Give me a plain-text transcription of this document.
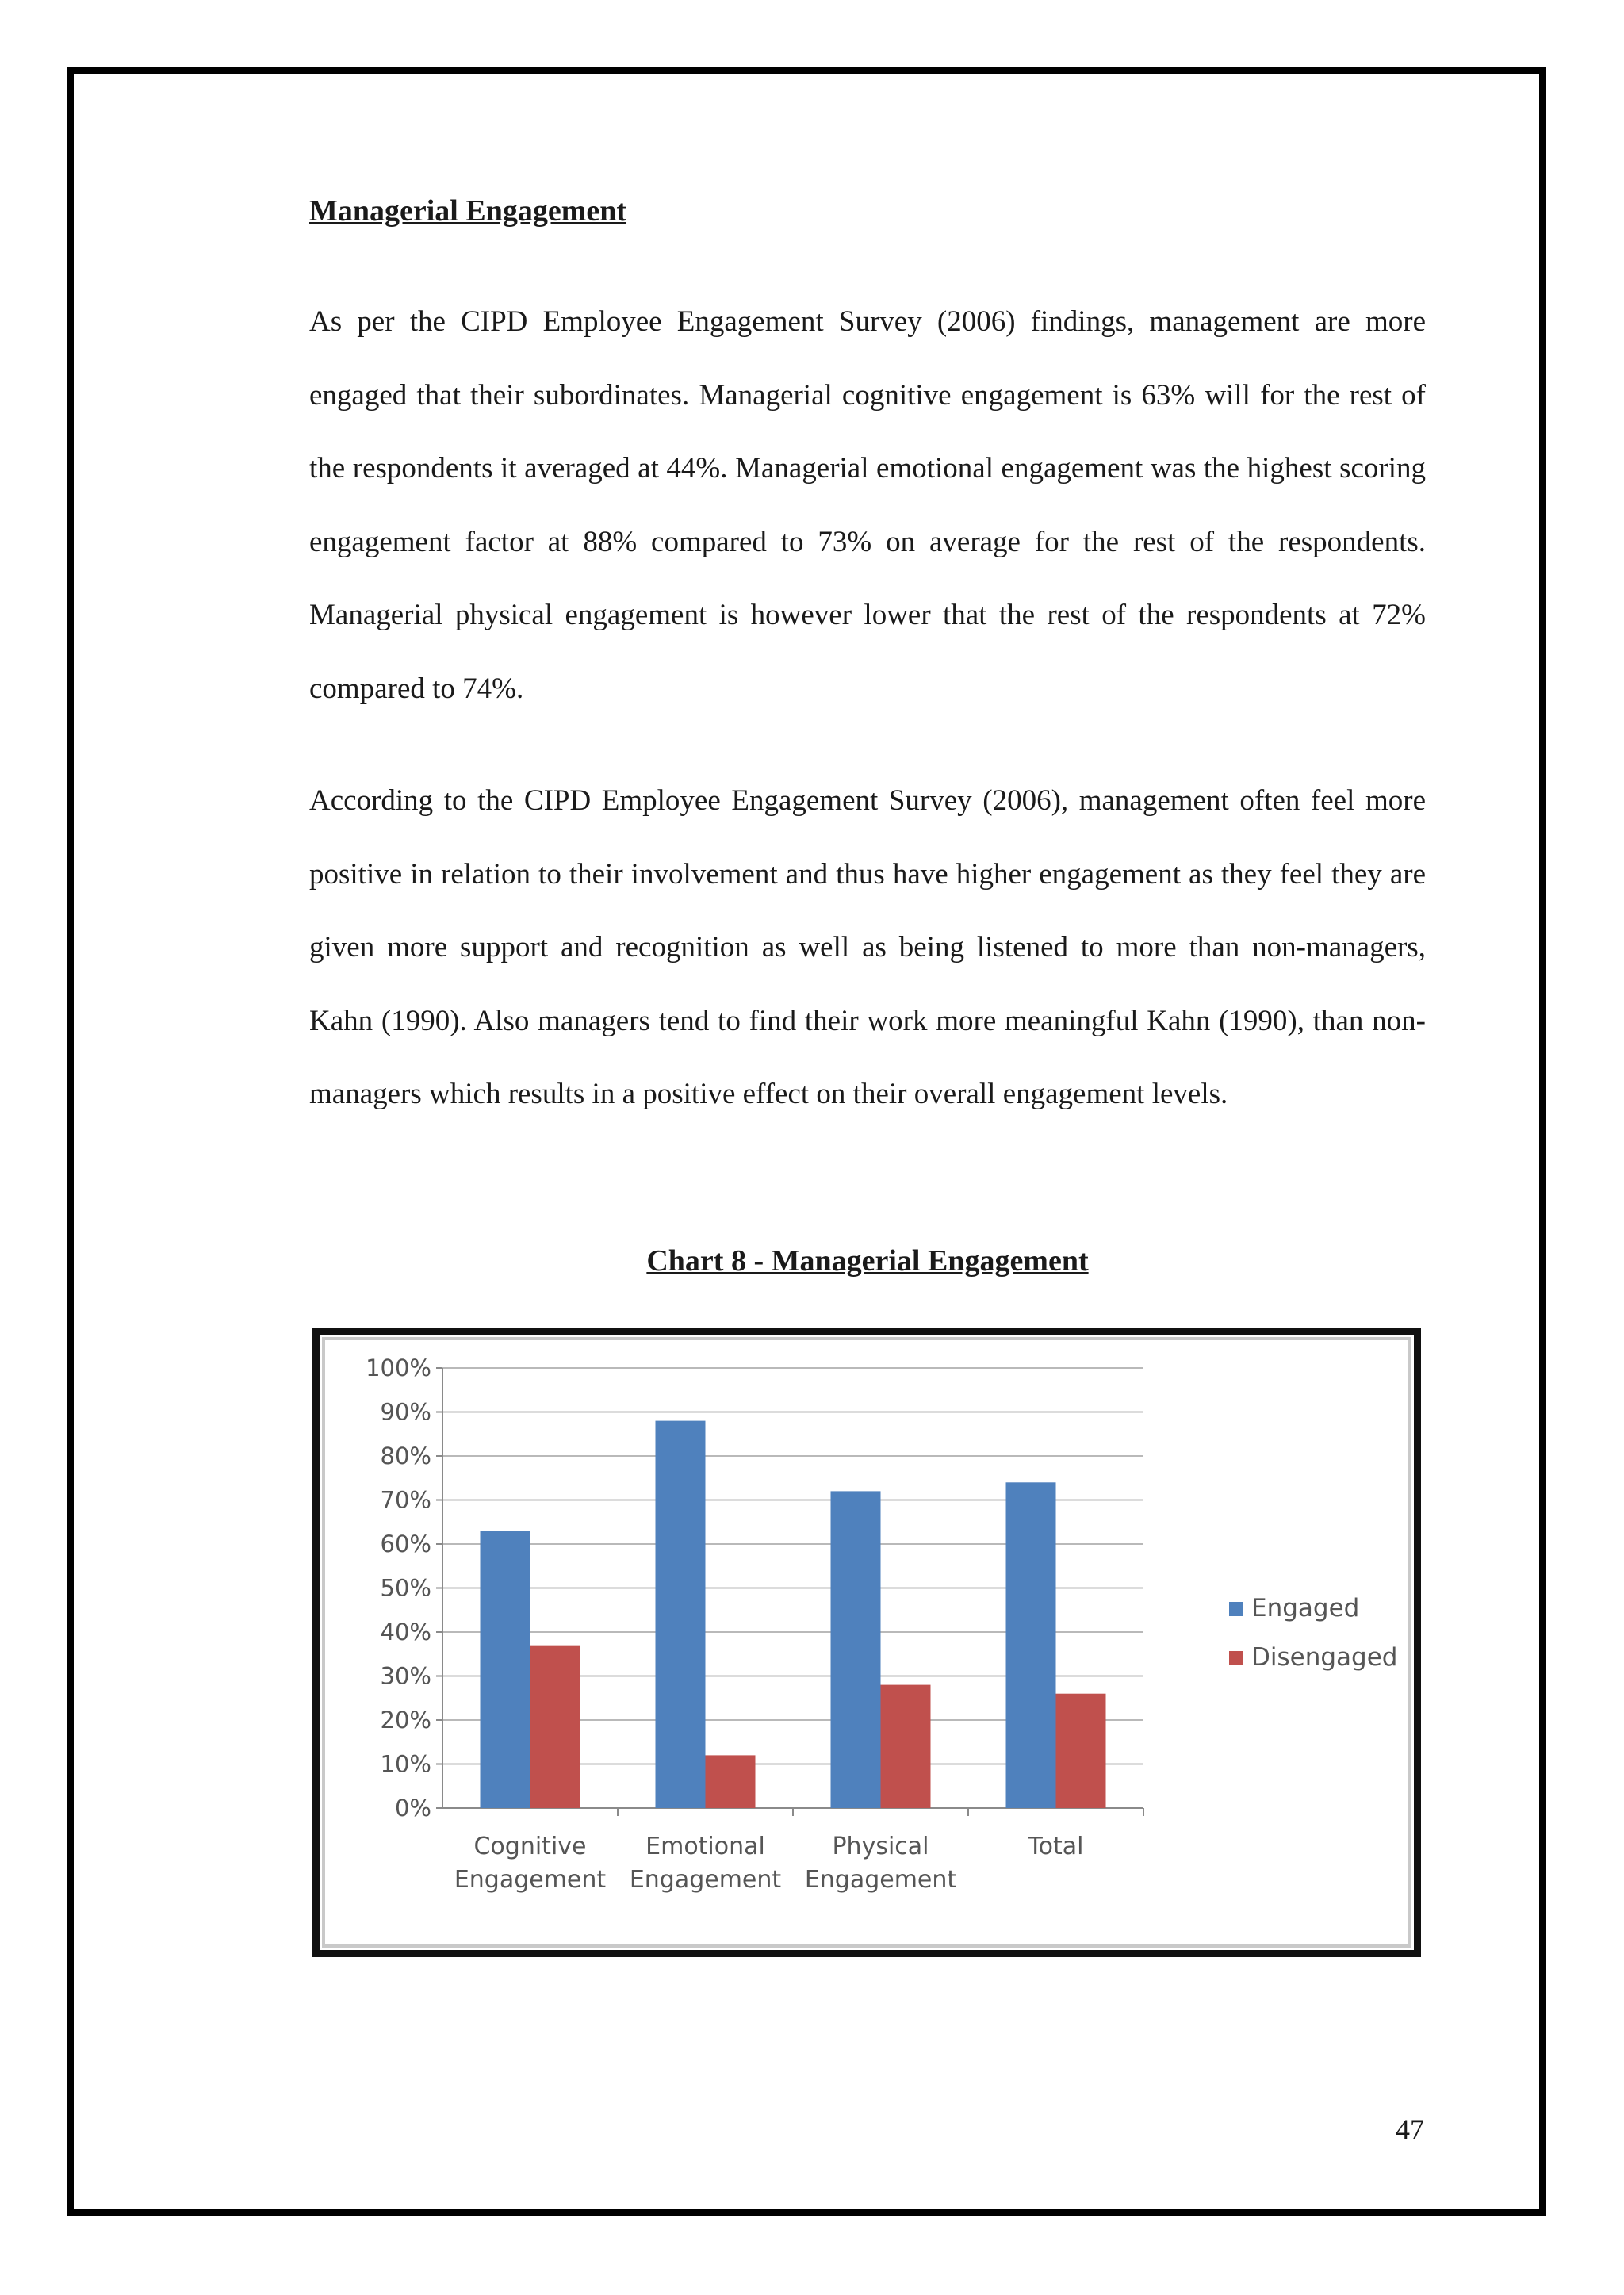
Managerial Engagement

As per the CIPD Employee Engagement Survey (2006) findings, management are more engaged that their subordinates. Managerial cognitive engagement is 63% will for the rest of the respondents it averaged at 44%. Managerial emotional engagement was the highest scoring engagement factor at 88% compared to 73% on average for the rest of the respondents. Managerial physical engagement is however lower that the rest of the respondents at 72% compared to 74%.

According to the CIPD Employee Engagement Survey (2006), management often feel more positive in relation to their involvement and thus have higher engagement as they feel they are given more support and recognition as well as being listened to more than non-managers, Kahn (1990). Also managers tend to find their work more meaningful Kahn (1990), than non-managers which results in a positive effect on their overall engagement levels.

Chart 8 - Managerial Engagement
0%
10%
20%
30%
40%
50%
60%
70%
80%
90%
100%
Cognitive
Engagement
Emotional
Engagement
Physical
Engagement
Total
Engaged
Disengaged
47
